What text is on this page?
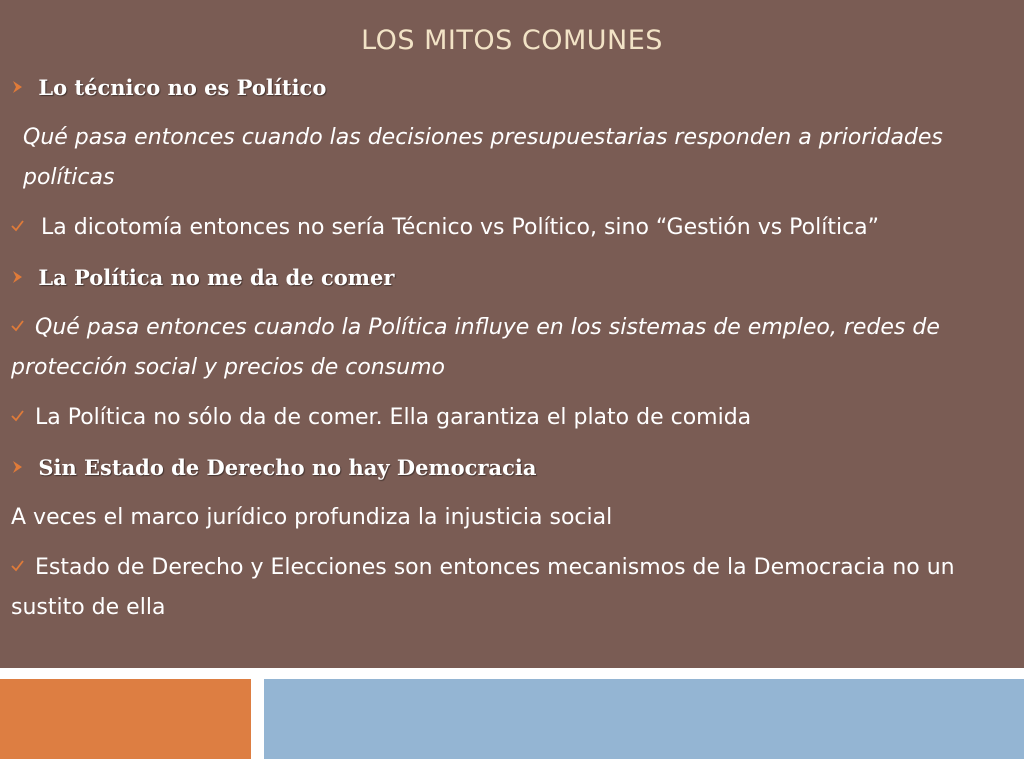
LOS MITOS COMUNES

Lo técnico no es Político

Qué pasa entonces cuando las decisiones presupuestarias responden a prioridades políticas

La dicotomía entonces no sería Técnico vs Político, sino “Gestión vs Política”

La Política no me da de comer

Qué pasa entonces cuando la Política influye en los sistemas de empleo, redes de protección social y precios de consumo

La Política no sólo da de comer. Ella garantiza el plato de comida

Sin Estado de Derecho no hay Democracia

A veces el marco jurídico profundiza la injusticia social

Estado de Derecho y Elecciones son entonces mecanismos de la Democracia no un sustito de ella
